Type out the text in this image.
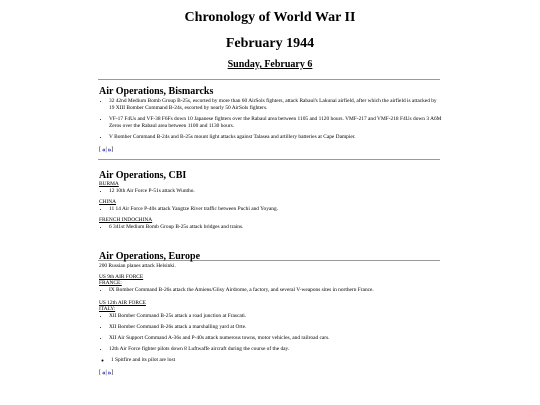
Chronology of World War II
February 1944
Sunday, February 6
Air Operations, Bismarcks
• 32 42nd Medium Bomb Group B-25s, escorted by more than 60 AirSols fighters, attack Rabaul's Lakunai airfield, after which the airfield is attacked by 19 XIII Bomber Command B-24s, escorted by nearly 50 AirSols fighters.
• VF-17 F4Us and VF-38 F6Fs down 10 Japanese fighters over the Rabaul area between 1105 and 1120 hours. VMF-217 and VMF-218 F4Us down 3 A6M Zeros over the Rabaul area between 1100 and 1130 hours.
• V Bomber Command B-24s and B-25s mount light attacks against Talasea and artillery batteries at Cape Dampier.
[ « | » ]
Air Operations, CBI
BURMA
• 12 10th Air Force P-51s attack Wuntho.
CHINA
• 11 14 Air Force P-40s attack Yangtze River traffic between Puchi and Yoyang.
FRENCH INDOCHINA
• 6 341st Medium Bomb Group B-25s attack bridges and trains.
Air Operations, Europe
200 Russian planes attack Helsinki.
US 9th AIR FORCE
FRANCE:
• IX Bomber Command B-26s attack the Amiens/Glisy Airdrome, a factory, and several V-weapons sites in northern France.
US 12th AIR FORCE
ITALY:
• XII Bomber Command B-25s attack a road junction at Frascati.
• XII Bomber Command B-26s attack a marshalling yard at Orte.
• XII Air Support Command A-36s and P-40s attack numerous towns, motor vehicles, and railroad cars.
• 12th Air Force fighter pilots down 8 Luftwaffe aircraft during the course of the day.
◦ 1 Spitfire and its pilot are lost
[ « | » ]
